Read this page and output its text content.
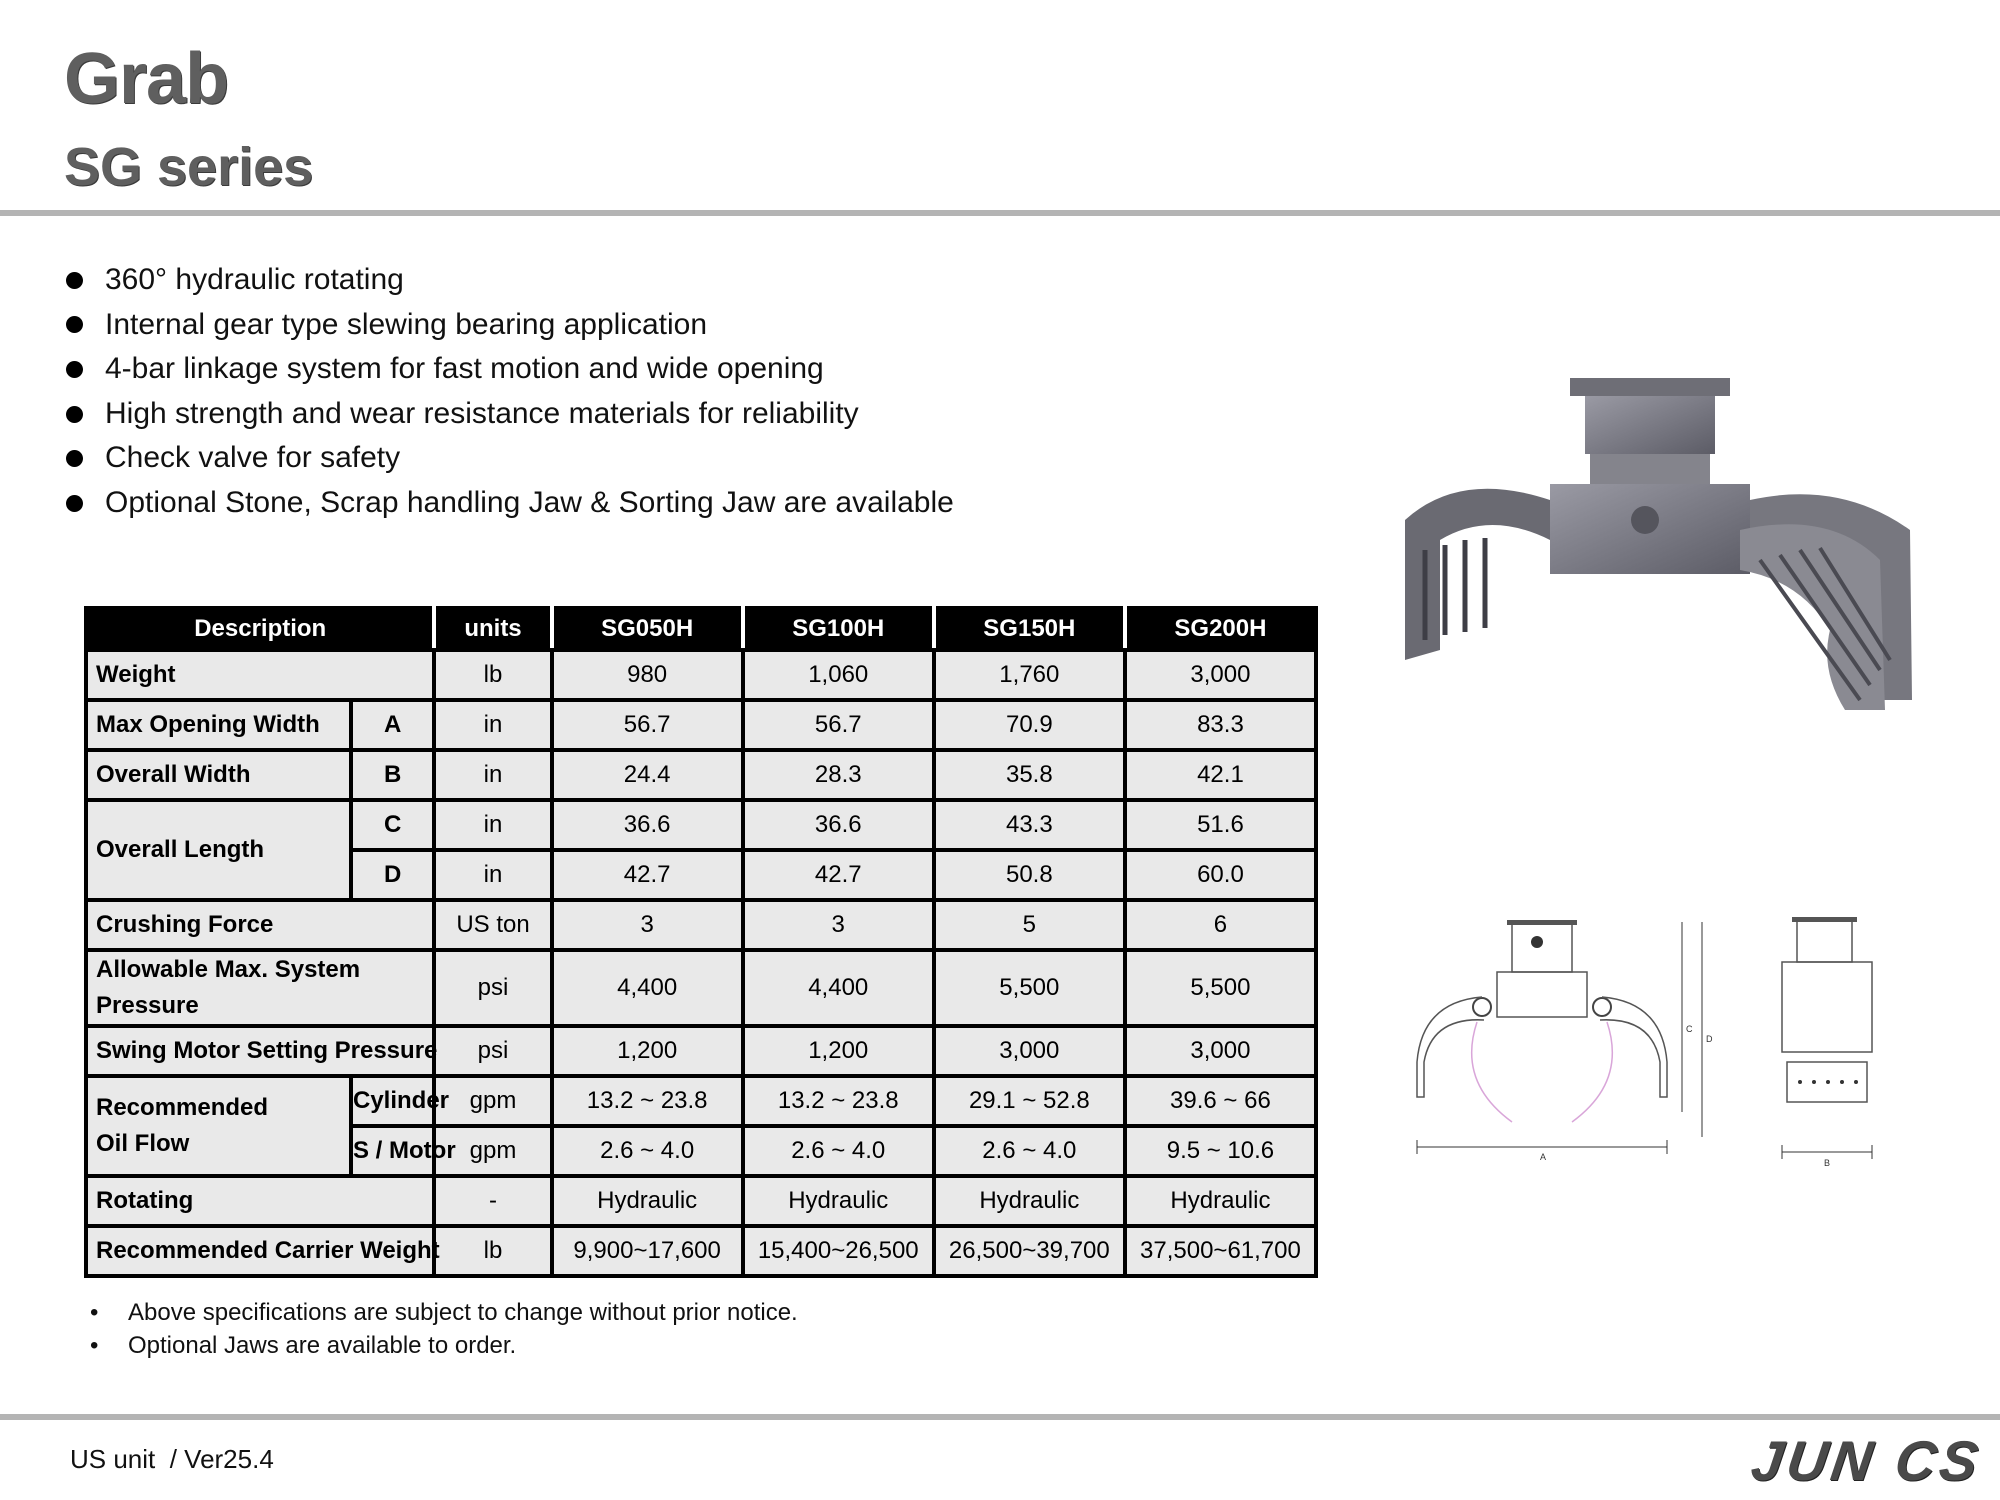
Grab
SG series
360° hydraulic rotating
Internal gear type slewing bearing application
4-bar linkage system for fast motion and wide opening
High strength and wear resistance materials for reliability
Check valve for safety
Optional Stone, Scrap handling Jaw & Sorting Jaw are available
A
C
D
B
Description		units	SG050H	SG100H	SG150H	SG200H
Weight		lb	980	1,060	1,760	3,000
Max Opening Width	A	in	56.7	56.7	70.9	83.3
Overall Width	B	in	24.4	28.3	35.8	42.1
Overall Length	C	in	36.6	36.6	43.3	51.6
	D	in	42.7	42.7	50.8	60.0
Crushing Force		US ton	3	3	5	6
Allowable Max. System Pressure		psi	4,400	4,400	5,500	5,500
Swing Motor Setting Pressure		psi	1,200	1,200	3,000	3,000
Recommended Oil Flow	Cylinder	gpm	13.2 ~ 23.8	13.2 ~ 23.8	29.1 ~ 52.8	39.6 ~ 66
	S / Motor	gpm	2.6 ~ 4.0	2.6 ~ 4.0	2.6 ~ 4.0	9.5 ~ 10.6
Rotating		-	Hydraulic	Hydraulic	Hydraulic	Hydraulic
Recommended Carrier Weight		lb	9,900~17,600	15,400~26,500	26,500~39,700	37,500~61,700
• Above specifications are subject to change without prior notice.
• Optional Jaws are available to order.
US unit  / Ver25.4	JUN CS
